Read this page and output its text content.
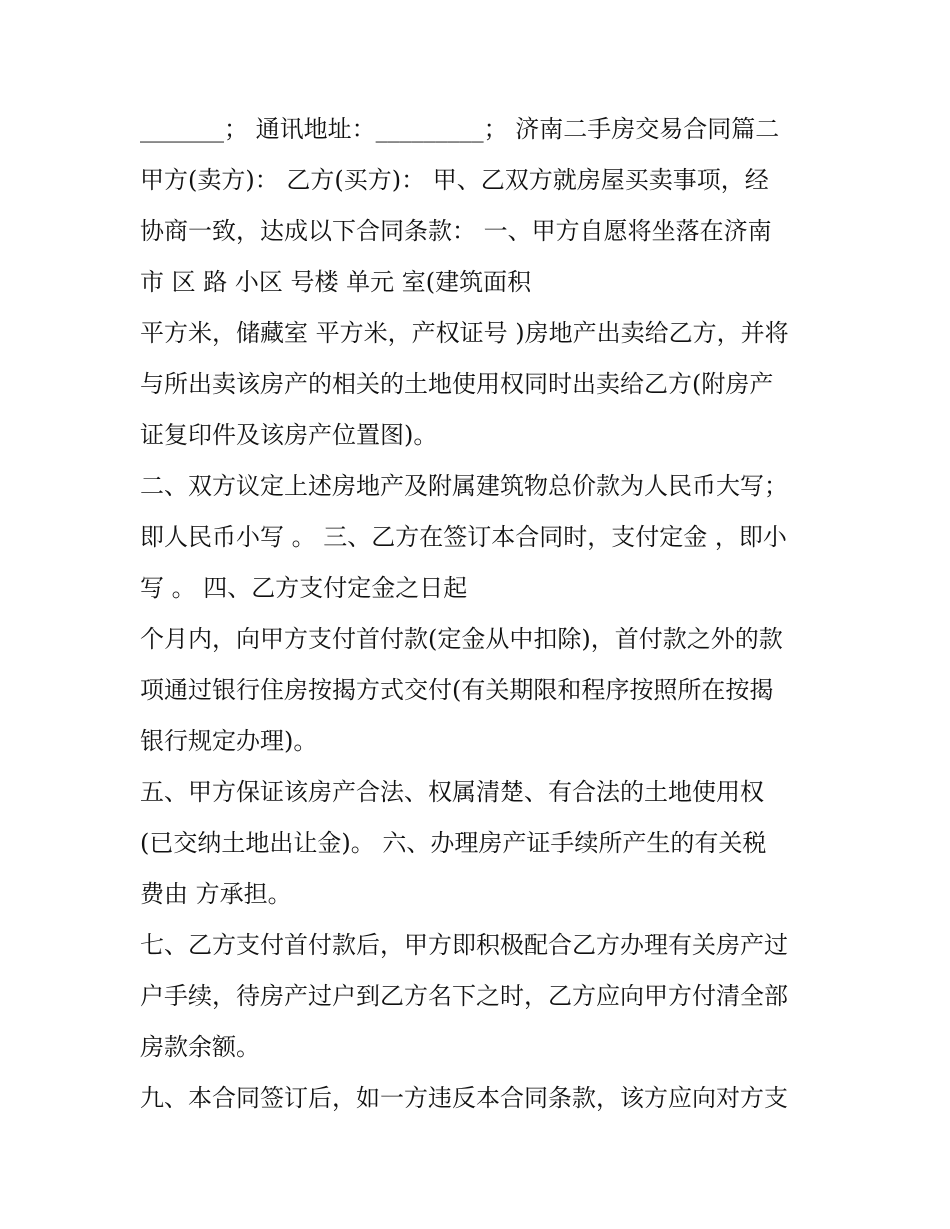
_______； 通讯地址：_________； 济南二手房交易合同篇二
甲方(卖方)： 乙方(买方)： 甲、乙双方就房屋买卖事项，经
协商一致，达成以下合同条款： 一、甲方自愿将坐落在济南
市 区 路 小区 号楼 单元 室(建筑面积
平方米，储藏室 平方米，产权证号 )房地产出卖给乙方，并将
与所出卖该房产的相关的土地使用权同时出卖给乙方(附房产
证复印件及该房产位置图)。
二、双方议定上述房地产及附属建筑物总价款为人民币大写；
即人民币小写 。 三、乙方在签订本合同时，支付定金 ，即小
写 。 四、乙方支付定金之日起
个月内，向甲方支付首付款(定金从中扣除)，首付款之外的款
项通过银行住房按揭方式交付(有关期限和程序按照所在按揭
银行规定办理)。
五、甲方保证该房产合法、权属清楚、有合法的土地使用权
(已交纳土地出让金)。 六、办理房产证手续所产生的有关税
费由 方承担。
七、乙方支付首付款后，甲方即积极配合乙方办理有关房产过
户手续，待房产过户到乙方名下之时，乙方应向甲方付清全部
房款余额。
九、本合同签订后，如一方违反本合同条款，该方应向对方支
